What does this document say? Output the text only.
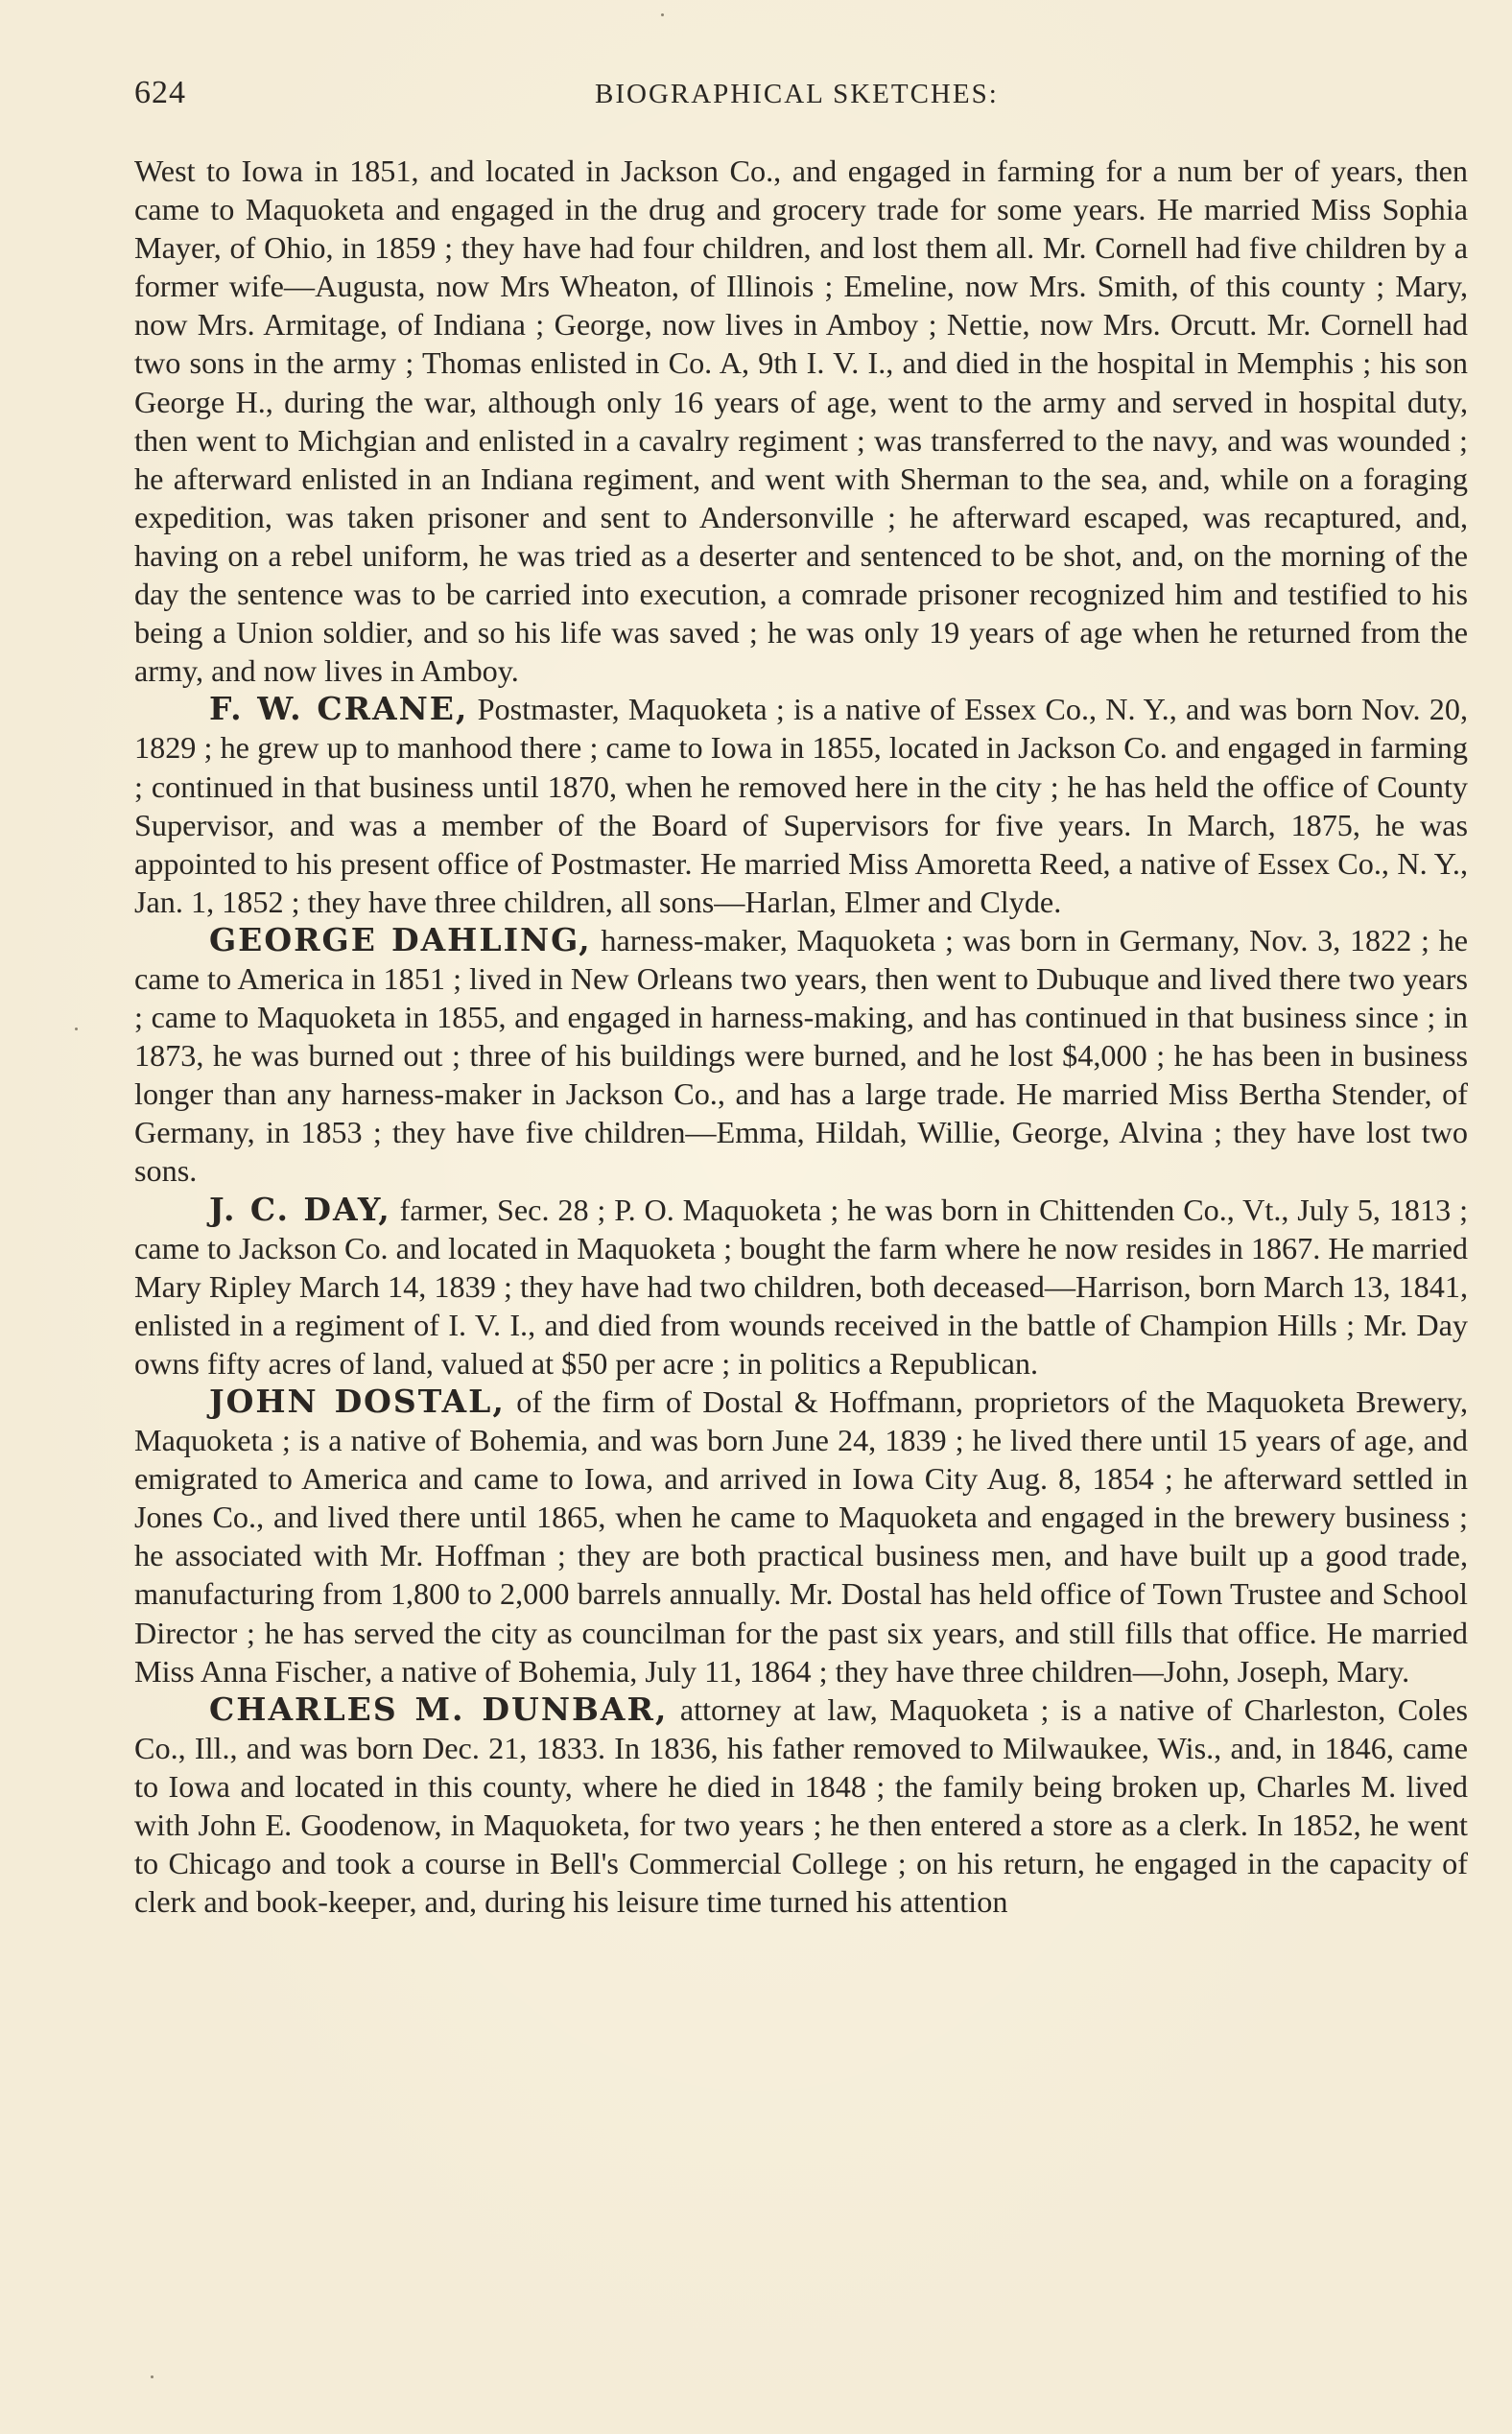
624	BIOGRAPHICAL SKETCHES:

West to Iowa in 1851, and located in Jackson Co., and engaged in farming for a num ber of years, then came to Maquoketa and engaged in the drug and grocery trade for some years. He married Miss Sophia Mayer, of Ohio, in 1859 ; they have had four children, and lost them all. Mr. Cornell had five children by a former wife—Augusta, now Mrs Wheaton, of Illinois ; Emeline, now Mrs. Smith, of this county ; Mary, now Mrs. Armitage, of Indiana ; George, now lives in Amboy ; Nettie, now Mrs. Orcutt. Mr. Cornell had two sons in the army ; Thomas enlisted in Co. A, 9th I. V. I., and died in the hospital in Memphis ; his son George H., during the war, although only 16 years of age, went to the army and served in hospital duty, then went to Michgian and enlisted in a cavalry regiment ; was transferred to the navy, and was wounded ; he afterward enlisted in an Indiana regiment, and went with Sherman to the sea, and, while on a foraging expedition, was taken prisoner and sent to Andersonville ; he afterward escaped, was recaptured, and, having on a rebel uniform, he was tried as a deserter and sentenced to be shot, and, on the morning of the day the sentence was to be carried into execution, a comrade prisoner recognized him and testified to his being a Union soldier, and so his life was saved ; he was only 19 years of age when he returned from the army, and now lives in Amboy.

F. W. CRANE, Postmaster, Maquoketa ; is a native of Essex Co., N. Y., and was born Nov. 20, 1829 ; he grew up to manhood there ; came to Iowa in 1855, located in Jackson Co. and engaged in farming ; continued in that business until 1870, when he removed here in the city ; he has held the office of County Supervisor, and was a member of the Board of Supervisors for five years. In March, 1875, he was appointed to his present office of Postmaster. He married Miss Amoretta Reed, a native of Essex Co., N. Y., Jan. 1, 1852 ; they have three children, all sons—Harlan, Elmer and Clyde.

GEORGE DAHLING, harness-maker, Maquoketa ; was born in Germany, Nov. 3, 1822 ; he came to America in 1851 ; lived in New Orleans two years, then went to Dubuque and lived there two years ; came to Maquoketa in 1855, and engaged in harness-making, and has continued in that business since ; in 1873, he was burned out ; three of his buildings were burned, and he lost $4,000 ; he has been in business longer than any harness-maker in Jackson Co., and has a large trade. He married Miss Bertha Stender, of Germany, in 1853 ; they have five children—Emma, Hildah, Willie, George, Alvina ; they have lost two sons.

J. C. DAY, farmer, Sec. 28 ; P. O. Maquoketa ; he was born in Chittenden Co., Vt., July 5, 1813 ; came to Jackson Co. and located in Maquoketa ; bought the farm where he now resides in 1867. He married Mary Ripley March 14, 1839 ; they have had two children, both deceased—Harrison, born March 13, 1841, enlisted in a regiment of I. V. I., and died from wounds received in the battle of Champion Hills ; Mr. Day owns fifty acres of land, valued at $50 per acre ; in politics a Republican.

JOHN DOSTAL, of the firm of Dostal & Hoffmann, proprietors of the Maquoketa Brewery, Maquoketa ; is a native of Bohemia, and was born June 24, 1839 ; he lived there until 15 years of age, and emigrated to America and came to Iowa, and arrived in Iowa City Aug. 8, 1854 ; he afterward settled in Jones Co., and lived there until 1865, when he came to Maquoketa and engaged in the brewery business ; he associated with Mr. Hoffman ; they are both practical business men, and have built up a good trade, manufacturing from 1,800 to 2,000 barrels annually. Mr. Dostal has held office of Town Trustee and School Director ; he has served the city as councilman for the past six years, and still fills that office. He married Miss Anna Fischer, a native of Bohemia, July 11, 1864 ; they have three children—John, Joseph, Mary.

CHARLES M. DUNBAR, attorney at law, Maquoketa ; is a native of Charleston, Coles Co., Ill., and was born Dec. 21, 1833. In 1836, his father removed to Milwaukee, Wis., and, in 1846, came to Iowa and located in this county, where he died in 1848 ; the family being broken up, Charles M. lived with John E. Goodenow, in Maquoketa, for two years ; he then entered a store as a clerk. In 1852, he went to Chicago and took a course in Bell's Commercial College ; on his return, he engaged in the capacity of clerk and book-keeper, and, during his leisure time turned his attention
